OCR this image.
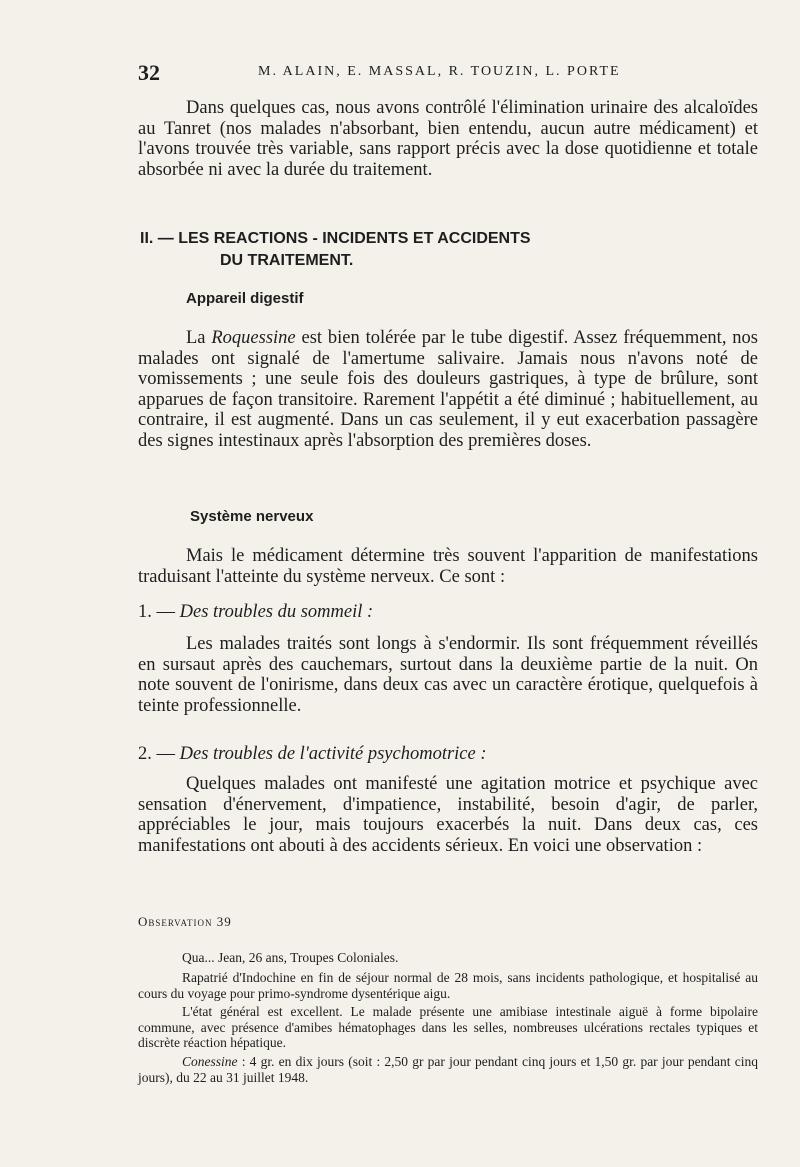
32	M. ALAIN, E. MASSAL, R. TOUZIN, L. PORTE

Dans quelques cas, nous avons contrôlé l'élimination urinaire des alcaloïdes au Tanret (nos malades n'absorbant, bien entendu, aucun autre médicament) et l'avons trouvée très variable, sans rapport précis avec la dose quotidienne et totale absorbée ni avec la durée du traitement.

II. — LES REACTIONS - INCIDENTS ET ACCIDENTS
DU TRAITEMENT.
Appareil digestif

La Roquessine est bien tolérée par le tube digestif. Assez fréquemment, nos malades ont signalé de l'amertume salivaire. Jamais nous n'avons noté de vomissements ; une seule fois des douleurs gastriques, à type de brûlure, sont apparues de façon transitoire. Rarement l'appétit a été diminué ; habituellement, au contraire, il est augmenté. Dans un cas seulement, il y eut exacerbation passagère des signes intestinaux après l'absorption des premières doses.

Système nerveux

Mais le médicament détermine très souvent l'apparition de manifestations traduisant l'atteinte du système nerveux. Ce sont :

1. — Des troubles du sommeil :

Les malades traités sont longs à s'endormir. Ils sont fréquemment réveillés en sursaut après des cauchemars, surtout dans la deuxième partie de la nuit. On note souvent de l'onirisme, dans deux cas avec un caractère érotique, quelquefois à teinte professionnelle.

2. — Des troubles de l'activité psychomotrice :

Quelques malades ont manifesté une agitation motrice et psychique avec sensation d'énervement, d'impatience, instabilité, besoin d'agir, de parler, appréciables le jour, mais toujours exacerbés la nuit. Dans deux cas, ces manifestations ont abouti à des accidents sérieux. En voici une observation :

Observation 39

Qua... Jean, 26 ans, Troupes Coloniales.

Rapatrié d'Indochine en fin de séjour normal de 28 mois, sans incidents pathologique, et hospitalisé au cours du voyage pour primo-syndrome dysentérique aigu.

L'état général est excellent. Le malade présente une amibiase intestinale aiguë à forme bipolaire commune, avec présence d'amibes hématophages dans les selles, nombreuses ulcérations rectales typiques et discrète réaction hépatique.

Conessine : 4 gr. en dix jours (soit : 2,50 gr par jour pendant cinq jours et 1,50 gr. par jour pendant cinq jours), du 22 au 31 juillet 1948.
